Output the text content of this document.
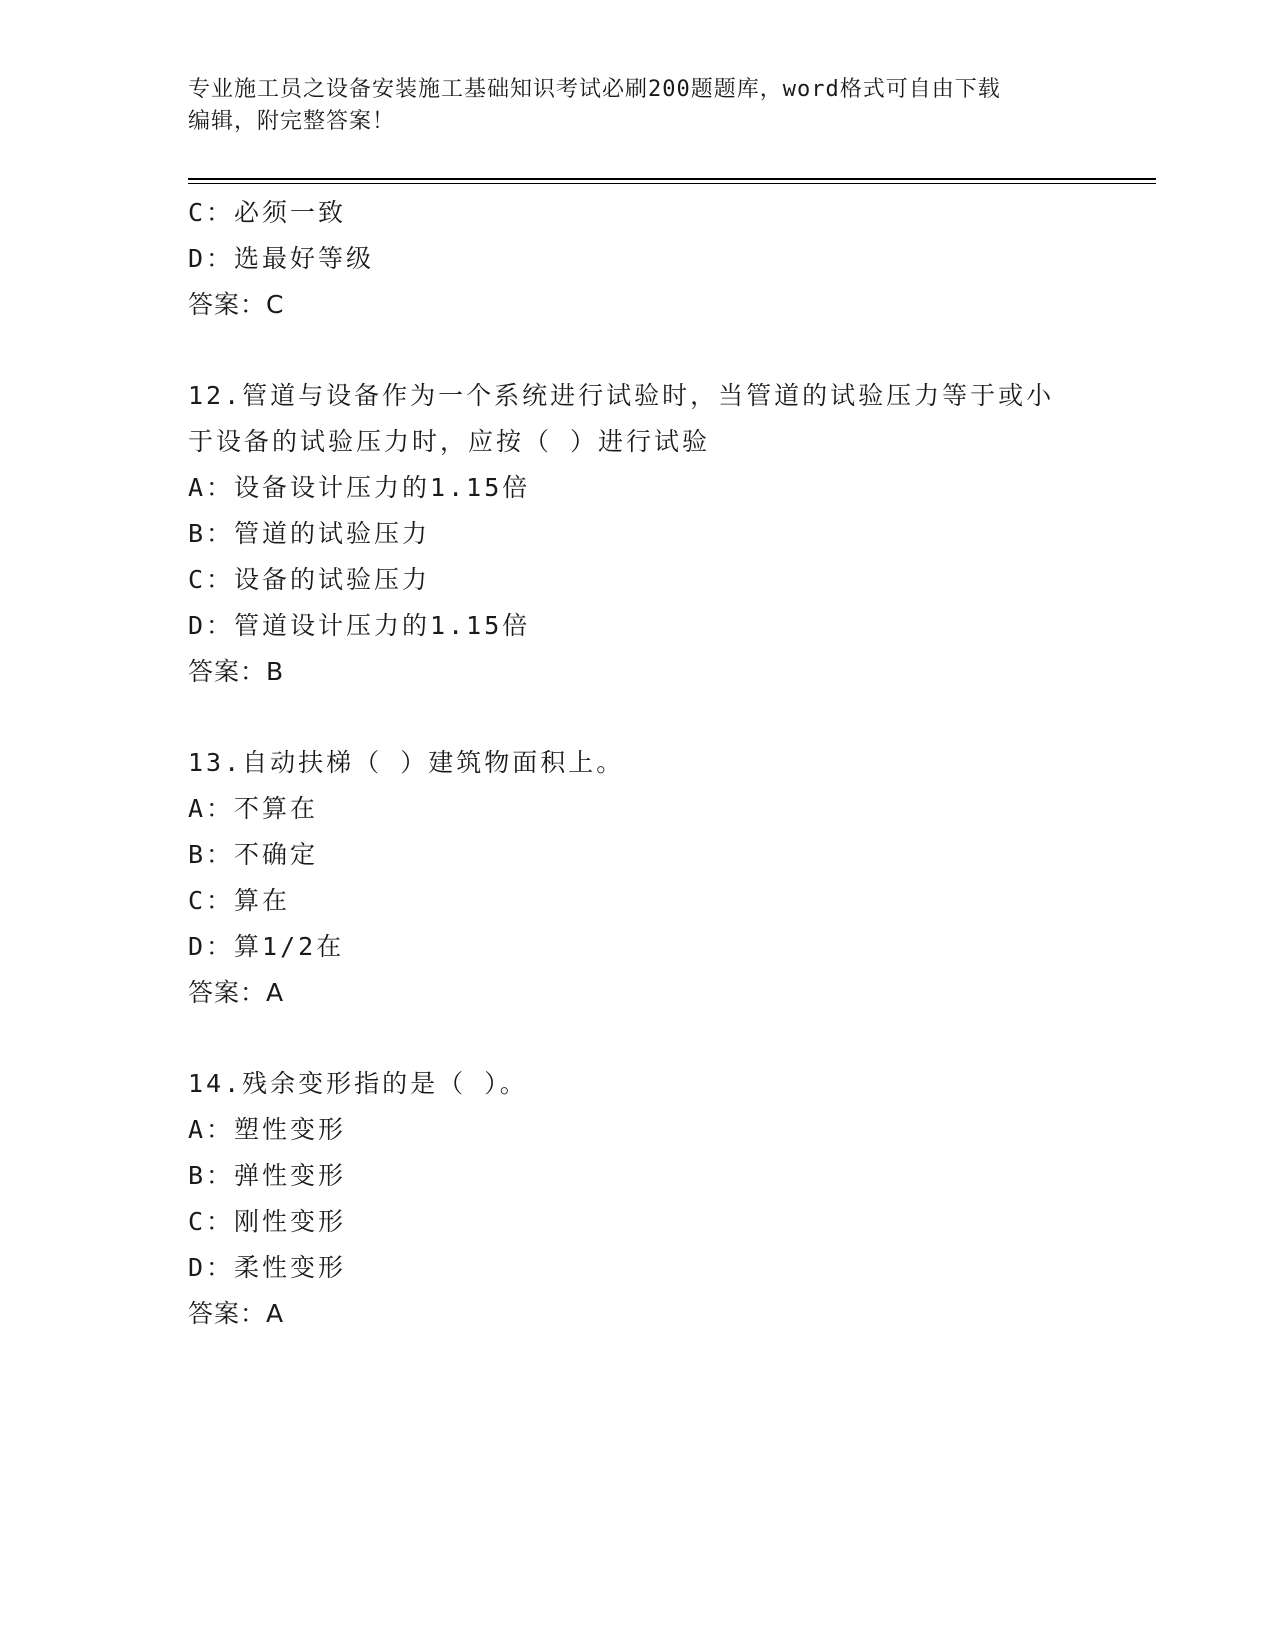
专业施工员之设备安装施工基础知识考试必刷200题题库，word格式可自由下载
编辑，附完整答案！
C：必须一致
D：选最好等级
答案：C
12.管道与设备作为一个系统进行试验时，当管道的试验压力等于或小
于设备的试验压力时，应按（ ）进行试验
A：设备设计压力的1.15倍
B：管道的试验压力
C：设备的试验压力
D：管道设计压力的1.15倍
答案：B
13.自动扶梯（ ）建筑物面积上。
A：不算在
B：不确定
C：算在
D：算1/2在
答案：A
14.残余变形指的是（ ）。
A：塑性变形
B：弹性变形
C：刚性变形
D：柔性变形
答案：A
